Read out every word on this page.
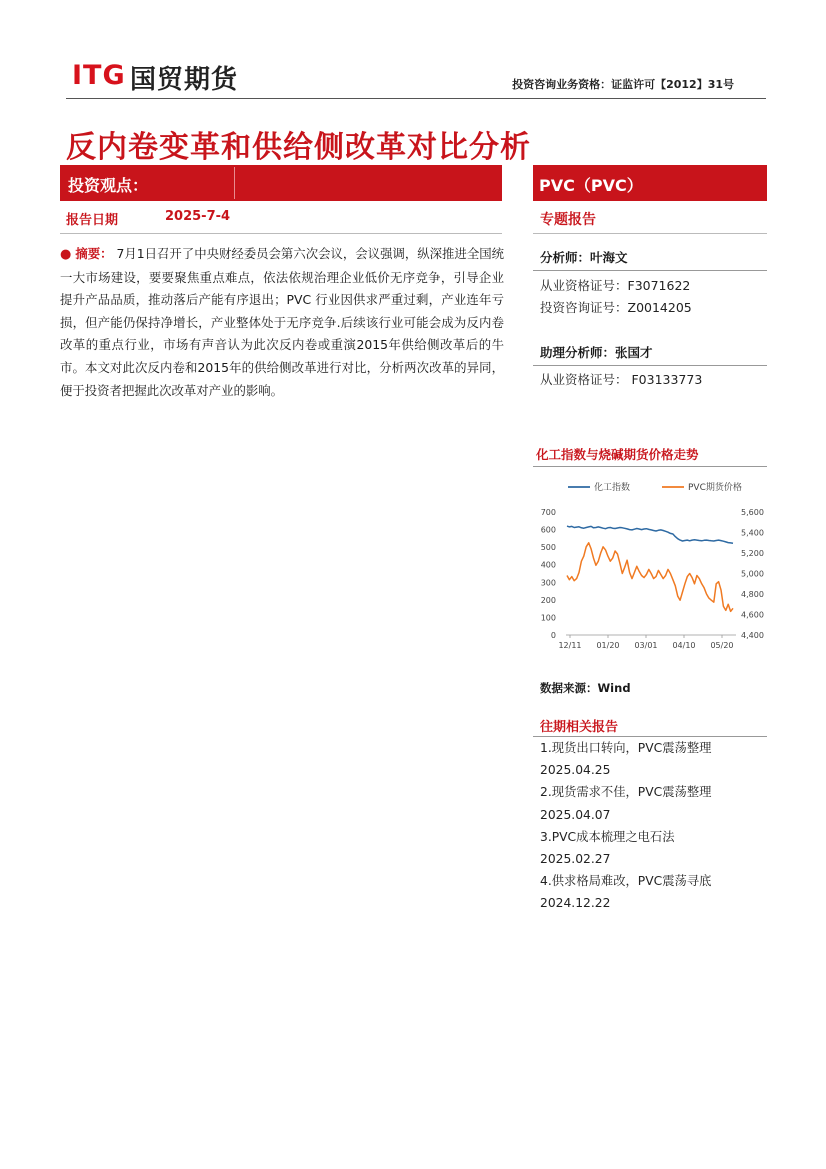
ITG 国贸期货	投资咨询业务资格：证监许可【2012】31号
反内卷变革和供给侧改革对比分析
投资观点：
报告日期	2025-7-4
● 摘要： 7月1日召开了中央财经委员会第六次会议，会议强调，纵深推进全国统一大市场建设，要要聚焦重点难点，依法依规治理企业低价无序竞争，引导企业提升产品品质，推动落后产能有序退出；PVC 行业因供求严重过剩，产业连年亏损，但产能仍保持净增长，产业整体处于无序竞争.后续该行业可能会成为反内卷改革的重点行业，市场有声音认为此次反内卷或重演2015年供给侧改革后的牛市。本文对此次反内卷和2015年的供给侧改革进行对比，分析两次改革的异同，便于投资者把握此次改革对产业的影响。
PVC（PVC）
专题报告
分析师：叶海文
从业资格证号：F3071622
投资咨询证号：Z0014205
助理分析师：张国才
从业资格证号： F03133773
化工指数与烧碱期货价格走势
0
100
200
300
400
500
600
700
4,400
4,600
4,800
5,000
5,200
5,400
5,600
12/11 01/20 03/01 04/10 05/20
化工指数	PVC期货价格
数据来源：Wind
往期相关报告
1.现货出口转向，PVC震荡整理
2025.04.25
2.现货需求不佳，PVC震荡整理
2025.04.07
3.PVC成本梳理之电石法
2025.02.27
4.供求格局难改，PVC震荡寻底
2024.12.22
